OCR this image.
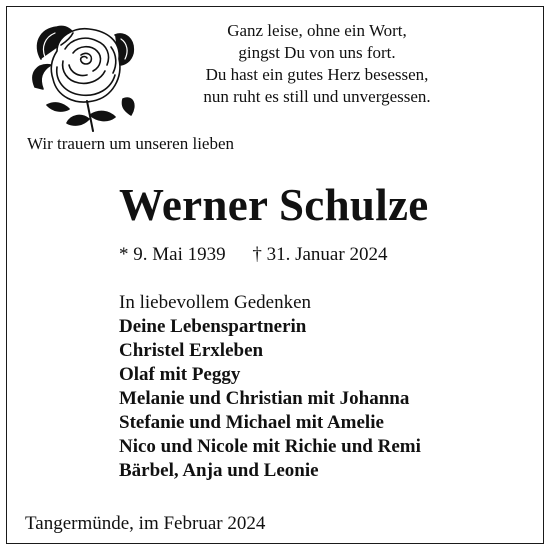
Ganz leise, ohne ein Wort,
gingst Du von uns fort.
Du hast ein gutes Herz besessen,
nun ruht es still und unvergessen.
Wir trauern um unseren lieben
Werner Schulze
* 9. Mai 1939 † 31. Januar 2024
In liebevollem Gedenken
Deine Lebenspartnerin
Christel Erxleben
Olaf mit Peggy
Melanie und Christian mit Johanna
Stefanie und Michael mit Amelie
Nico und Nicole mit Richie und Remi
Bärbel, Anja und Leonie
Tangermünde, im Februar 2024
